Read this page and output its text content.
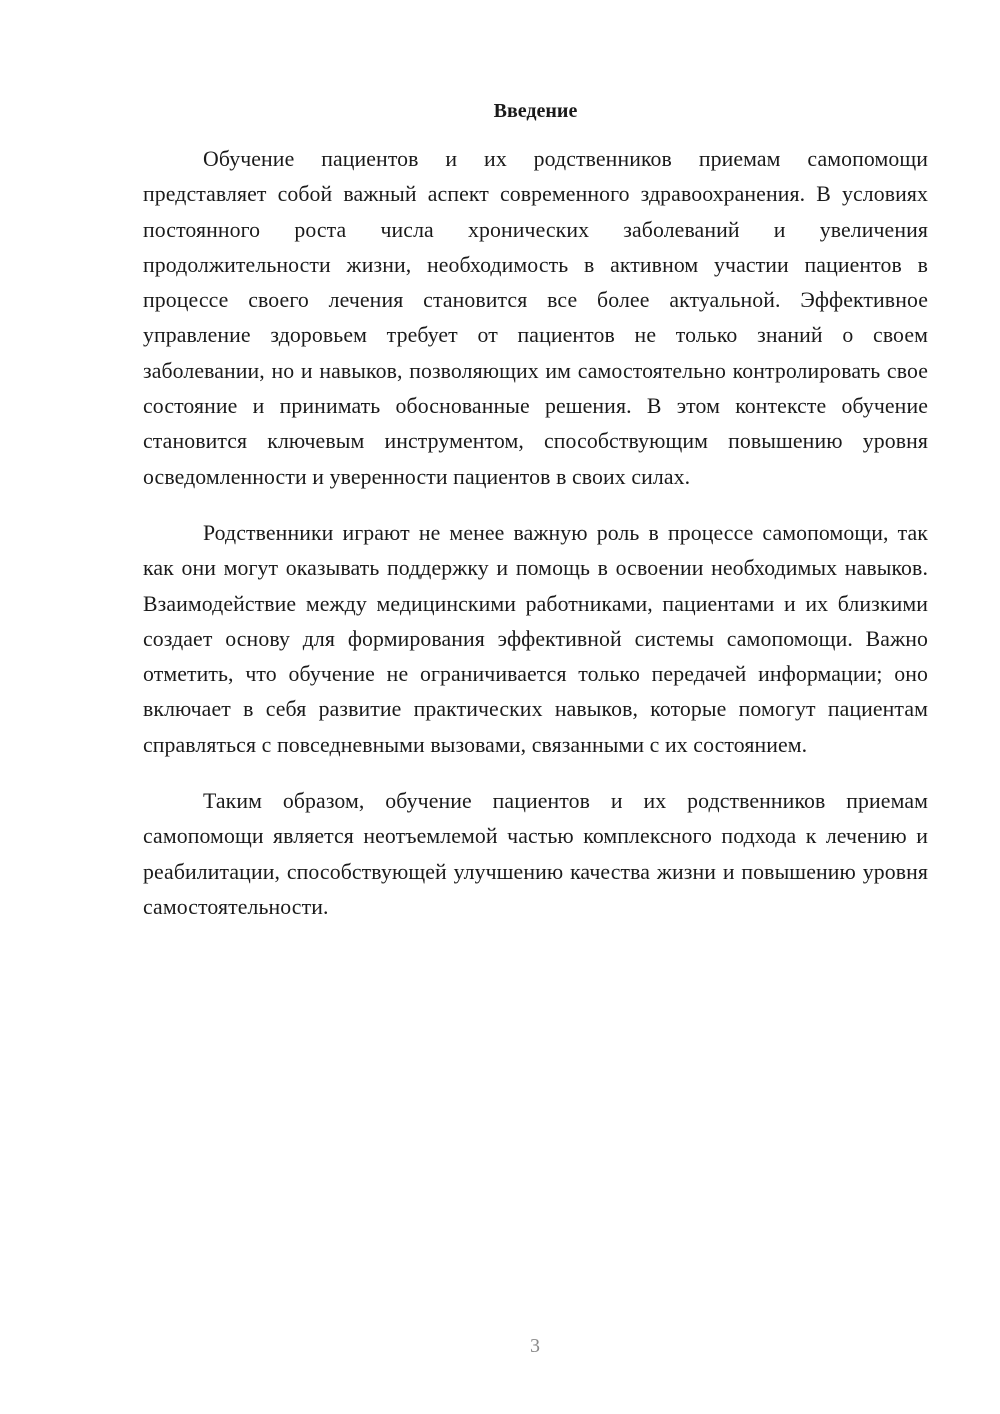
Введение

Обучение пациентов и их родственников приемам самопомощи представляет собой важный аспект современного здравоохранения. В условиях постоянного роста числа хронических заболеваний и увеличения продолжительности жизни, необходимость в активном участии пациентов в процессе своего лечения становится все более актуальной. Эффективное управление здоровьем требует от пациентов не только знаний о своем заболевании, но и навыков, позволяющих им самостоятельно контролировать свое состояние и принимать обоснованные решения. В этом контексте обучение становится ключевым инструментом, способствующим повышению уровня осведомленности и уверенности пациентов в своих силах.

Родственники играют не менее важную роль в процессе самопомощи, так как они могут оказывать поддержку и помощь в освоении необходимых навыков. Взаимодействие между медицинскими работниками, пациентами и их близкими создает основу для формирования эффективной системы самопомощи. Важно отметить, что обучение не ограничивается только передачей информации; оно включает в себя развитие практических навыков, которые помогут пациентам справляться с повседневными вызовами, связанными с их состоянием.

Таким образом, обучение пациентов и их родственников приемам самопомощи является неотъемлемой частью комплексного подхода к лечению и реабилитации, способствующей улучшению качества жизни и повышению уровня самостоятельности.

3
